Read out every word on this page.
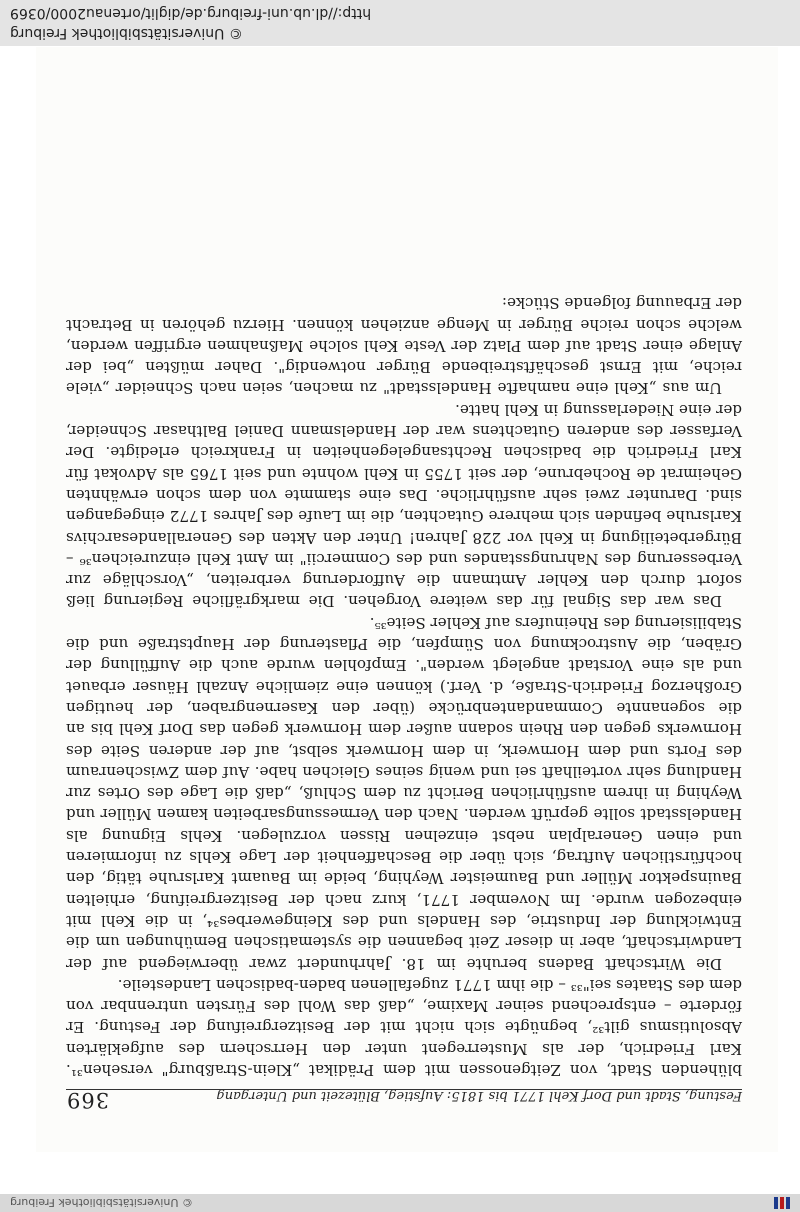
© Universitätsbibliothek Freiburg
Festung, Stadt und Dorf Kehl 1771 bis 1815: Aufstieg, Blütezeit und Untergang
369

blühenden Stadt, von Zeitgenossen mit dem Prädikat „Klein-Straßburg" versehen³¹. Karl Friedrich, der als Musterregent unter den Herrschern des aufgeklärten Absolutismus gilt³², begnügte sich nicht mit der Besitzergreifung der Festung. Er förderte – entsprechend seiner Maxime, „daß das Wohl des Fürsten untrennbar von dem des Staates sei"³³ – die ihm 1771 zugefallenen baden-badischen Landesteile.

Die Wirtschaft Badens beruhte im 18. Jahrhundert zwar überwiegend auf der Landwirtschaft, aber in dieser Zeit begannen die systematischen Bemühungen um die Entwicklung der Industrie, des Handels und des Kleingewerbes³⁴, in die Kehl mit einbezogen wurde. Im November 1771, kurz nach der Besitzergreifung, erhielten Bauinspektor Müller und Baumeister Weyhing, beide im Bauamt Karlsruhe tätig, den hochfürstlichen Auftrag, sich über die Beschaffenheit der Lage Kehls zu informieren und einen Generalplan nebst einzelnen Rissen vorzulegen. Kehls Eignung als Handelsstadt sollte geprüft werden. Nach den Vermessungsarbeiten kamen Müller und Weyhing in ihrem ausführlichen Bericht zu dem Schluß, „daß die Lage des Ortes zur Handlung sehr vorteilhaft sei und wenig seines Gleichen habe. Auf dem Zwischenraum des Forts und dem Hornwerk, in dem Hornwerk selbst, auf der anderen Seite des Hornwerks gegen den Rhein sodann außer dem Hornwerk gegen das Dorf Kehl bis an die sogenannte Commandantenbrücke (über den Kasernengraben, der heutigen Großherzog Friedrich-Straße, d. Verf.) können eine ziemliche Anzahl Häuser erbauet und als eine Vorstadt angelegt werden". Empfohlen wurde auch die Auffüllung der Gräben, die Austrocknung von Sümpfen, die Pflasterung der Hauptstraße und die Stabilisierung des Rheinufers auf Kehler Seite³⁵.

Das war das Signal für das weitere Vorgehen. Die markgräfliche Regierung ließ sofort durch den Kehler Amtmann die Aufforderung verbreiten, „Vorschläge zur Verbesserung des Nahrungsstandes und des Commercii" im Amt Kehl einzureichen³⁶ – Bürgerbeteiligung in Kehl vor 228 Jahren! Unter den Akten des Generallandesarchivs Karlsruhe befinden sich mehrere Gutachten, die im Laufe des Jahres 1772 eingegangen sind. Darunter zwei sehr ausführliche. Das eine stammte von dem schon erwähnten Geheimrat de Rochebrune, der seit 1755 in Kehl wohnte und seit 1765 als Advokat für Karl Friedrich die badischen Rechtsangelegenheiten in Frankreich erledigte. Der Verfasser des anderen Gutachtens war der Handelsmann Daniel Balthasar Schneider, der eine Niederlassung in Kehl hatte.

Um aus „Kehl eine namhafte Handelsstadt" zu machen, seien nach Schneider „viele reiche, mit Ernst geschäftstreibende Bürger notwendig". Daher müßten „bei der Anlage einer Stadt auf dem Platz der Veste Kehl solche Maßnahmen ergriffen werden, welche schon reiche Bürger in Menge anziehen können. Hierzu gehören in Betracht der Erbauung folgende Stücke:

© Universitätsbibliothek Freiburg
http://dl.ub.uni-freiburg.de/diglit/ortenau2000/0369
